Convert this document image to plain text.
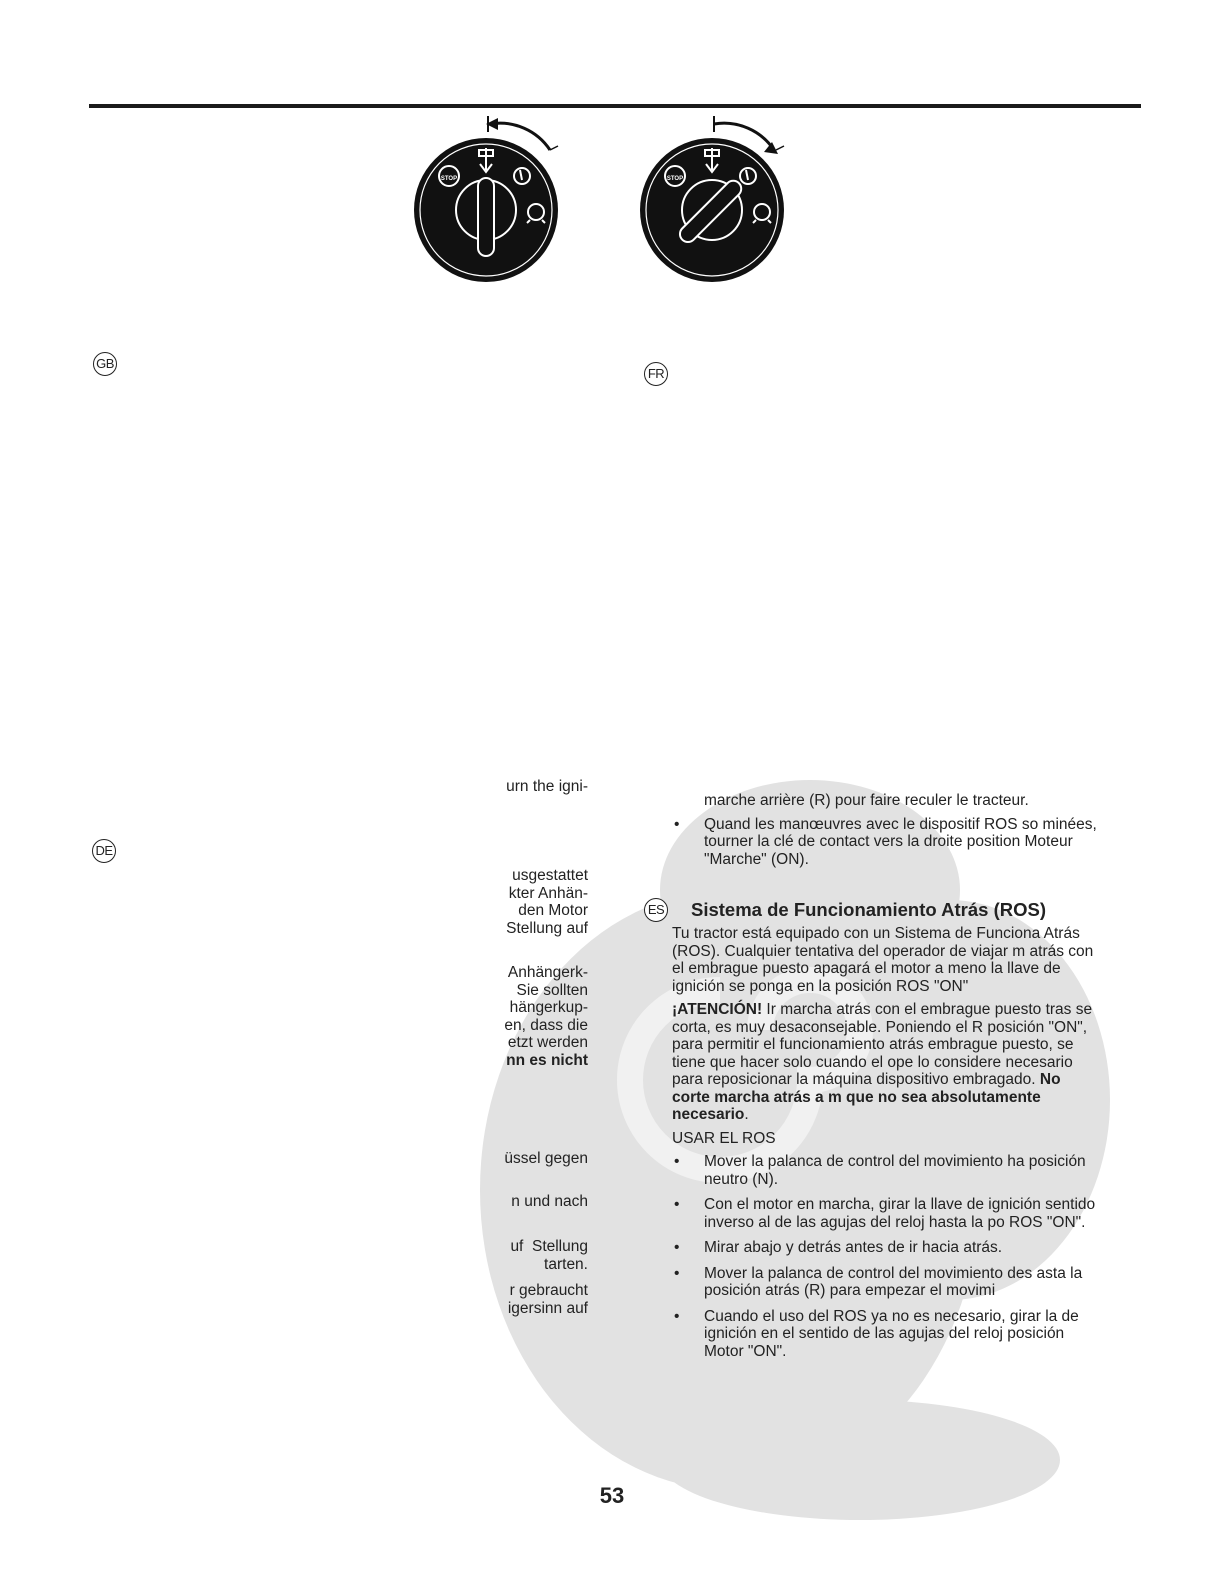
STOP	STOP
GB
FR
DE
ES
urn the igni-
usgestattet
kter Anhän-
den Motor
Stellung auf
Anhängerk-
Sie sollten
hängerkup-
en, dass die
etzt werden
nn es nicht
üssel gegen
n und nach
uf  Stellung
tarten.
r gebraucht
igersinn auf
marche arrière (R) pour faire reculer le tracteur.
• Quand les manœuvres avec le dispositif ROS so minées, tourner la clé de contact vers la droite position Moteur "Marche" (ON).
Sistema de Funcionamiento Atrás (ROS)
Tu tractor está equipado con un Sistema de Funciona Atrás (ROS). Cualquier tentativa del operador de viajar m atrás con el embrague puesto apagará el motor a meno la llave de ignición se ponga en la posición ROS "ON"
¡ATENCIÓN! Ir marcha atrás con el embrague puesto tras se corta, es muy desaconsejable. Poniendo el R posición "ON", para permitir el funcionamiento atrás embrague puesto, se tiene que hacer solo cuando el ope lo considere necesario para reposicionar la máquina dispositivo embragado. No corte marcha atrás a m que no sea absolutamente necesario.
USAR EL ROS
• Mover la palanca de control del movimiento ha posición neutro (N).
• Con el motor en marcha, girar la llave de ignición sentido inverso al de las agujas del reloj hasta la po ROS "ON".
• Mirar abajo y detrás antes de ir hacia atrás.
• Mover la palanca de control del movimiento des asta la posición atrás (R) para empezar el movimi
• Cuando el uso del ROS ya no es necesario, girar la de ignición en el sentido de las agujas del reloj posición Motor "ON".
53
